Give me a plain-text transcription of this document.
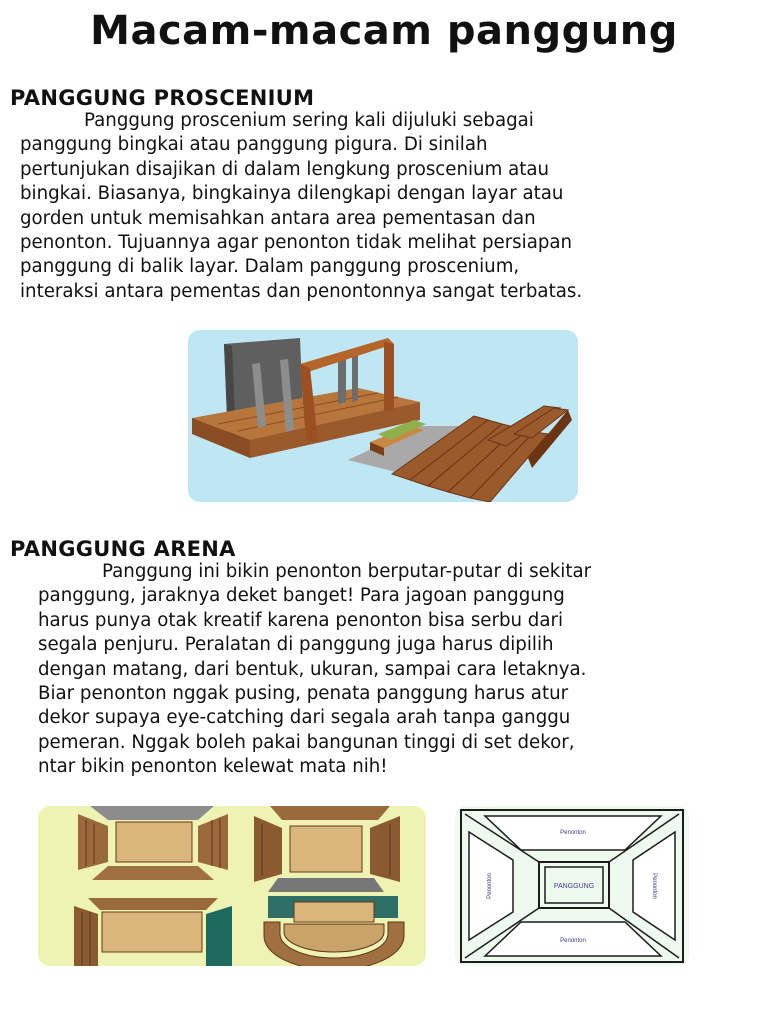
Macam-macam panggung
PANGGUNG PROSCENIUM
Panggung proscenium sering kali dijuluki sebagai
panggung bingkai atau panggung pigura. Di sinilah
pertunjukan disajikan di dalam lengkung proscenium atau
bingkai. Biasanya, bingkainya dilengkapi dengan layar atau
gorden untuk memisahkan antara area pementasan dan
penonton. Tujuannya agar penonton tidak melihat persiapan
panggung di balik layar. Dalam panggung proscenium,
interaksi antara pementas dan penontonnya sangat terbatas.
PANGGUNG ARENA
Panggung ini bikin penonton berputar-putar di sekitar
panggung, jaraknya deket banget! Para jagoan panggung
harus punya otak kreatif karena penonton bisa serbu dari
segala penjuru. Peralatan di panggung juga harus dipilih
dengan matang, dari bentuk, ukuran, sampai cara letaknya.
Biar penonton nggak pusing, penata panggung harus atur
dekor supaya eye-catching dari segala arah tanpa ganggu
pemeran. Nggak boleh pakai bangunan tinggi di set dekor,
ntar bikin penonton kelewat mata nih!
PANGGUNG
Penonton
Penonton
Penonton	Penonton
